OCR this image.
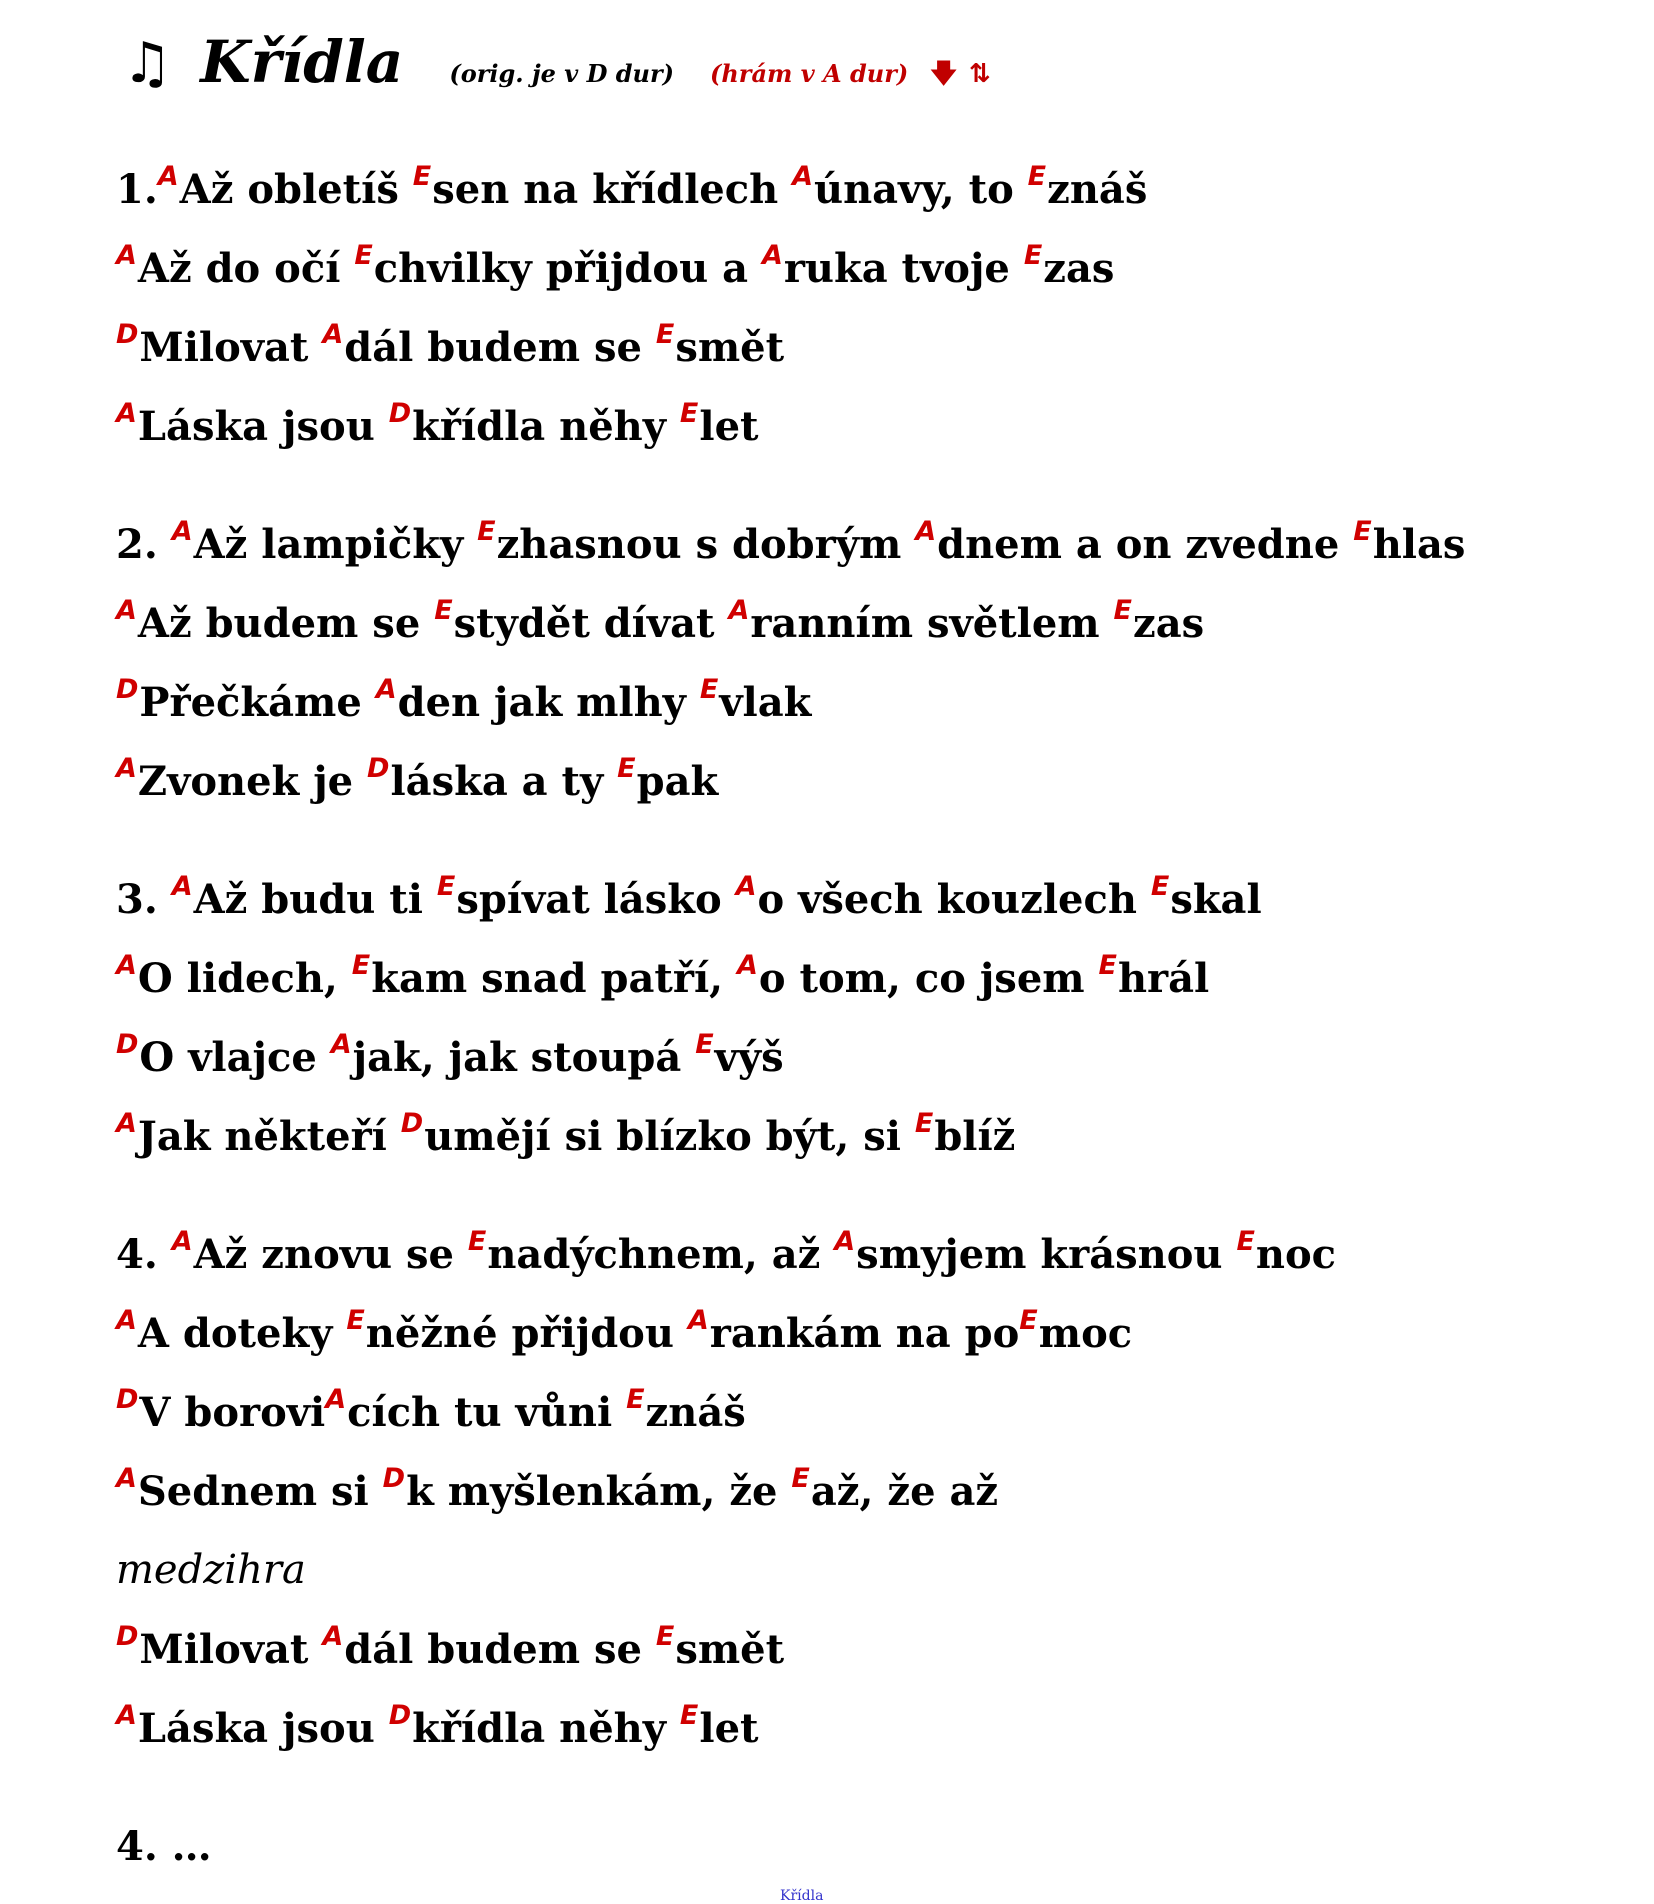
♫ Křídla (orig. je v D dur) (hrám v A dur) 🡇 ⇅
1.$^A$Až obletíš $^E$sen na křídlech $^A$únavy, to $^E$znáš
$^A$Až do očí $^E$chvilky přijdou a $^A$ruka tvoje $^E$zas
$^D$Milovat $^A$dál budem se $^E$smět
$^A$Láska jsou $^D$křídla něhy $^E$let
2. $^A$Až lampičky $^E$zhasnou s dobrým $^A$dnem a on zvedne $^E$hlas
$^A$Až budem se $^E$stydět dívat $^A$ranním světlem $^E$zas
$^D$Přečkáme $^A$den jak mlhy $^E$vlak
$^A$Zvonek je $^D$láska a ty $^E$pak
3. $^A$Až budu ti $^E$spívat lásko $^A$o všech kouzlech $^E$skal
$^A$O lidech, $^E$kam snad patří, $^A$o tom, co jsem $^E$hrál
$^D$O vlajce $^A$jak, jak stoupá $^E$výš
$^A$Jak někteří $^D$umějí si blízko být, si $^E$blíž
4. $^A$Až znovu se $^E$nadýchnem, až $^A$smyjem krásnou $^E$noc
$^A$A doteky $^E$něžné přijdou $^A$rankám na $po^Emoc$
$^D$V borovi$^A$cích tu vůni $^E$znáš
$^A$Sednem si $^D$k myšlenkám, že $^E$až, že až
medzihra
$^D$Milovat $^A$dál budem se $^E$smět
$^A$Láska jsou $^D$křídla něhy $^E$let
4. …
Křídla
